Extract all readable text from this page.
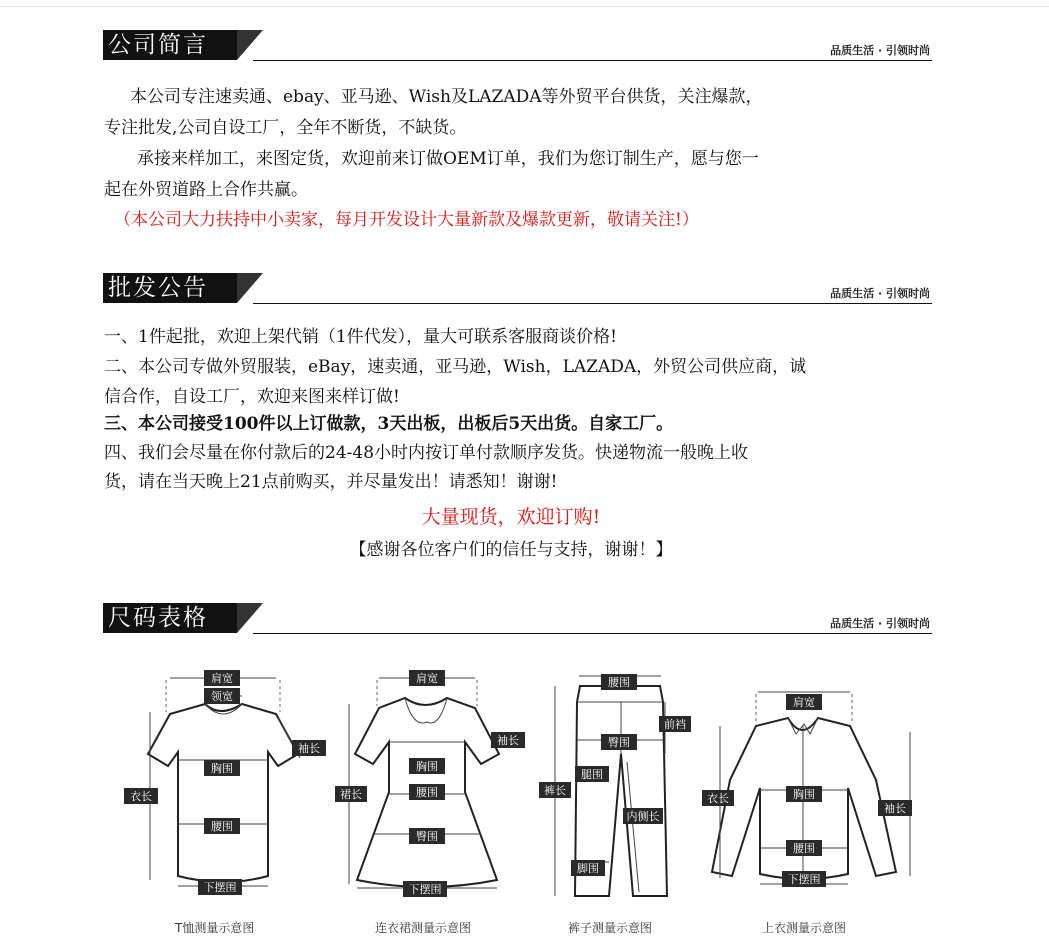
公司简言	品质生活 · 引领时尚
本公司专注速卖通、ebay、亚马逊、Wish及LAZADA等外贸平台供货，关注爆款，
专注批发,公司自设工厂，全年不断货，不缺货。
承接来样加工，来图定货，欢迎前来订做OEM订单，我们为您订制生产，愿与您一
起在外贸道路上合作共赢。
（本公司大力扶持中小卖家，每月开发设计大量新款及爆款更新，敬请关注!）
批发公告	品质生活 · 引领时尚
一、1件起批，欢迎上架代销（1件代发），量大可联系客服商谈价格!
二、本公司专做外贸服装，eBay，速卖通，亚马逊，Wish，LAZADA，外贸公司供应商，诚
信合作，自设工厂，欢迎来图来样订做!
三、本公司接受100件以上订做款，3天出板，出板后5天出货。自家工厂。
四、我们会尽量在你付款后的24-48小时内按订单付款顺序发货。快递物流一般晚上收
货，请在当天晚上21点前购买，并尽量发出！请悉知！谢谢!
大量现货，欢迎订购!
【感谢各位客户们的信任与支持，谢谢！】
尺码表格	品质生活 · 引领时尚
肩宽
领宽
袖长
胸围
衣长
腰围
下摆围
T恤测量示意图
肩宽
袖长
胸围
裙长	腰围
臀围
下摆围
连衣裙测量示意图
腰围
前裆
臀围
裤长
腿围
内侧长
脚围
裤子测量示意图
肩宽
衣长	胸围
袖长
腰围
下摆围
上衣测量示意图
